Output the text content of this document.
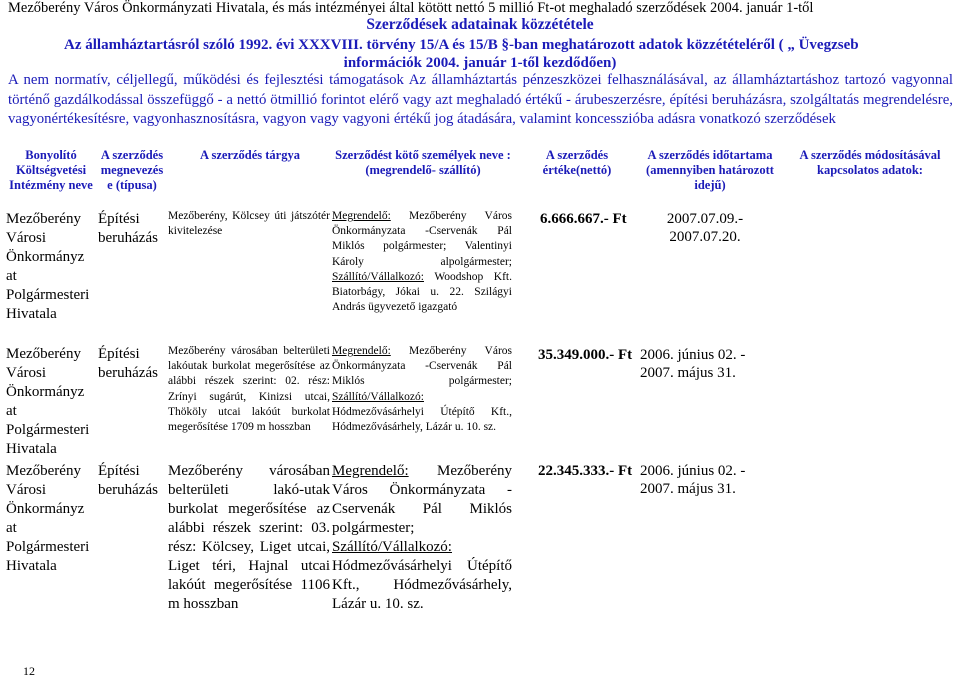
Mezőberény Város Önkormányzati Hivatala, és más intézményei által kötött nettó 5 millió Ft-ot meghaladó szerződések 2004. január 1-től
Szerződések adatainak közzététele
Az államháztartásról szóló 1992. évi XXXVIII. törvény 15/A és 15/B §-ban meghatározott adatok közzétételéről ( „ Üvegzseb
információk 2004. január 1-től kezdődően)
A nem normatív, céljellegű, működési és fejlesztési támogatások Az államháztartás pénzeszközei felhasználásával, az államháztartáshoz tartozó vagyonnal történő gazdálkodással összefüggő - a nettó ötmillió forintot elérő vagy azt meghaladó értékű - árubeszerzésre, építési beruházásra, szolgáltatás megrendelésre, vagyonértékesítésre, vagyonhasznosításra, vagyon vagy vagyoni értékű jog átadására, valamint koncesszióba adásra vonatkozó szerződések
Bonyolító Költségvetési Intézmény neve
A szerződés megnevezés e (típusa)
A szerződés tárgya	Szerződést kötő személyek neve : (megrendelő- szállító)
A szerződés értéke(nettó)
A szerződés időtartama (amennyiben határozott idejű)
A szerződés módosításával kapcsolatos adatok:
Mezőberény Városi Önkormányz at Polgármesteri Hivatala
Építési beruházás
Mezőberény, Kölcsey úti játszótér kivitelezése
Megrendelő: Mezőberény Város Önkormányzata -Cservenák Pál Miklós polgármester; Valentinyi Károly alpolgármester; Szállító/Vállalkozó: Woodshop Kft. Biatorbágy, Jókai u. 22. Szilágyi András ügyvezető igazgató
6.666.667.- Ft	2007.07.09.- 2007.07.20.
Mezőberény Városi Önkormányz at Polgármesteri Hivatala
Építési beruházás
Mezőberény városában belterületi lakóutak burkolat megerősítése az alábbi részek szerint: 02. rész: Zrínyi sugárút, Kinizsi utcai, Thököly utcai lakóút burkolat megerősítése 1709 m hosszban
Megrendelő: Mezőberény Város Önkormányzata -Cservenák Pál Miklós polgármester; Szállító/Vállalkozó: Hódmezővásárhelyi Útépítő Kft., Hódmezővásárhely, Lázár u. 10. sz.
35.349.000.- Ft 2006. június 02. - 2007. május 31.
Mezőberény Városi Önkormányz at Polgármesteri Hivatala
Építési beruházás
Mezőberény városában belterületi lakó-utak burkolat megerősítése az alábbi részek szerint: 03. rész: Kölcsey, Liget utcai, Liget téri, Hajnal utcai lakóút megerősítése 1106 m hosszban
Megrendelő: Mezőberény Város Önkormányzata - Cservenák Pál Miklós polgármester; Szállító/Vállalkozó: Hódmezővásárhelyi Útépítő Kft., Hódmezővásárhely, Lázár u. 10. sz.
22.345.333.- Ft 2006. június 02. - 2007. május 31.
12
